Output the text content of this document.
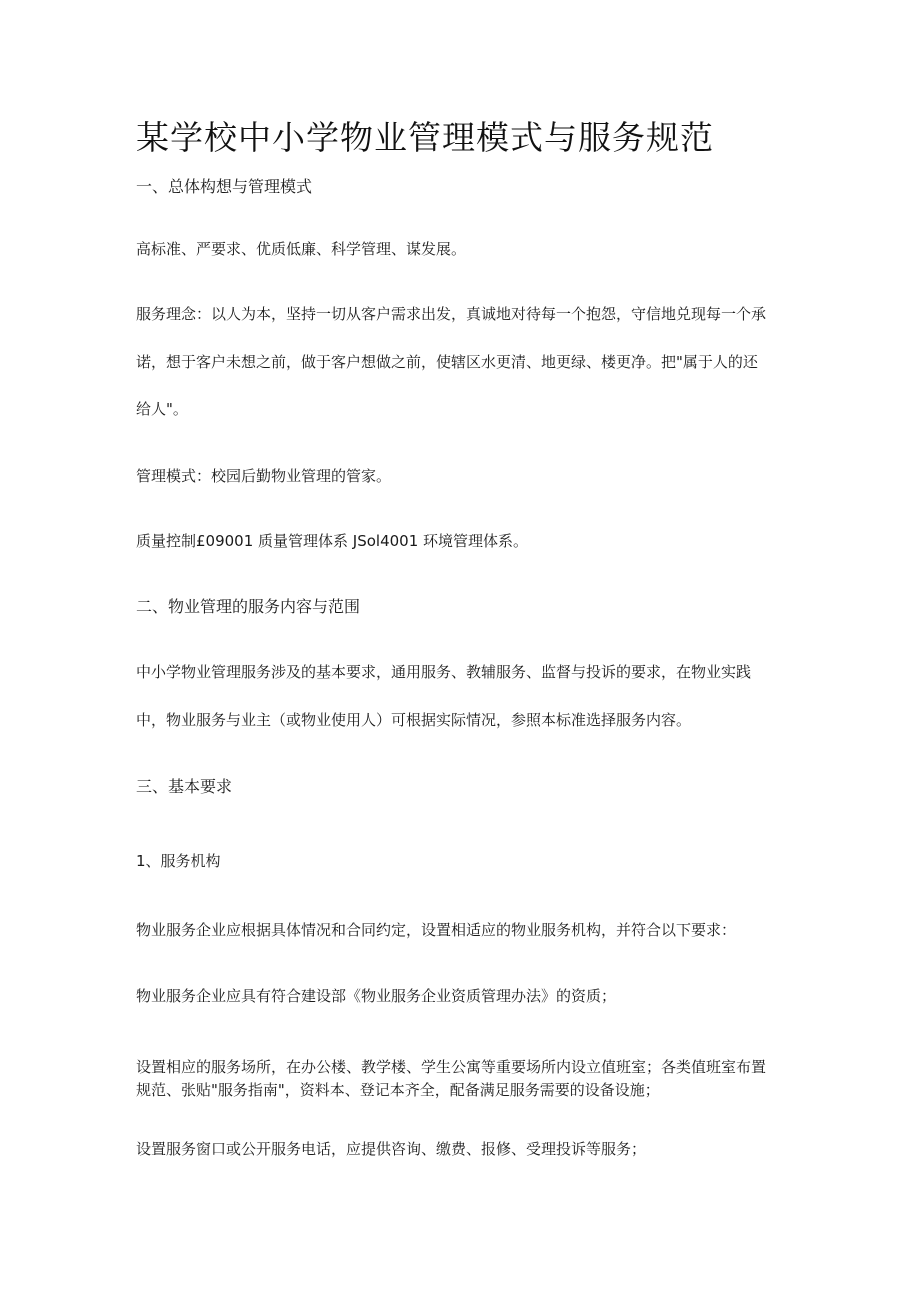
某学校中小学物业管理模式与服务规范
一、总体构想与管理模式
高标准、严要求、优质低廉、科学管理、谋发展。
服务理念：以人为本，坚持一切从客户需求出发，真诚地对待每一个抱怨，守信地兑现每一个承
诺，想于客户未想之前，做于客户想做之前，使辖区水更清、地更绿、楼更净。把"属于人的还
给人"。
管理模式：校园后勤物业管理的管家。
质量控制£09001 质量管理体系 JSol4001 环境管理体系。
二、物业管理的服务内容与范围
中小学物业管理服务涉及的基本要求，通用服务、教辅服务、监督与投诉的要求，在物业实践
中，物业服务与业主（或物业使用人）可根据实际情况，参照本标准选择服务内容。
三、基本要求
1、服务机构
物业服务企业应根据具体情况和合同约定，设置相适应的物业服务机构，并符合以下要求：
物业服务企业应具有符合建设部《物业服务企业资质管理办法》的资质；
设置相应的服务场所，在办公楼、教学楼、学生公寓等重要场所内设立值班室；各类值班室布置
规范、张贴"服务指南"，资料本、登记本齐全，配备满足服务需要的设备设施；
设置服务窗口或公开服务电话，应提供咨询、缴费、报修、受理投诉等服务；
